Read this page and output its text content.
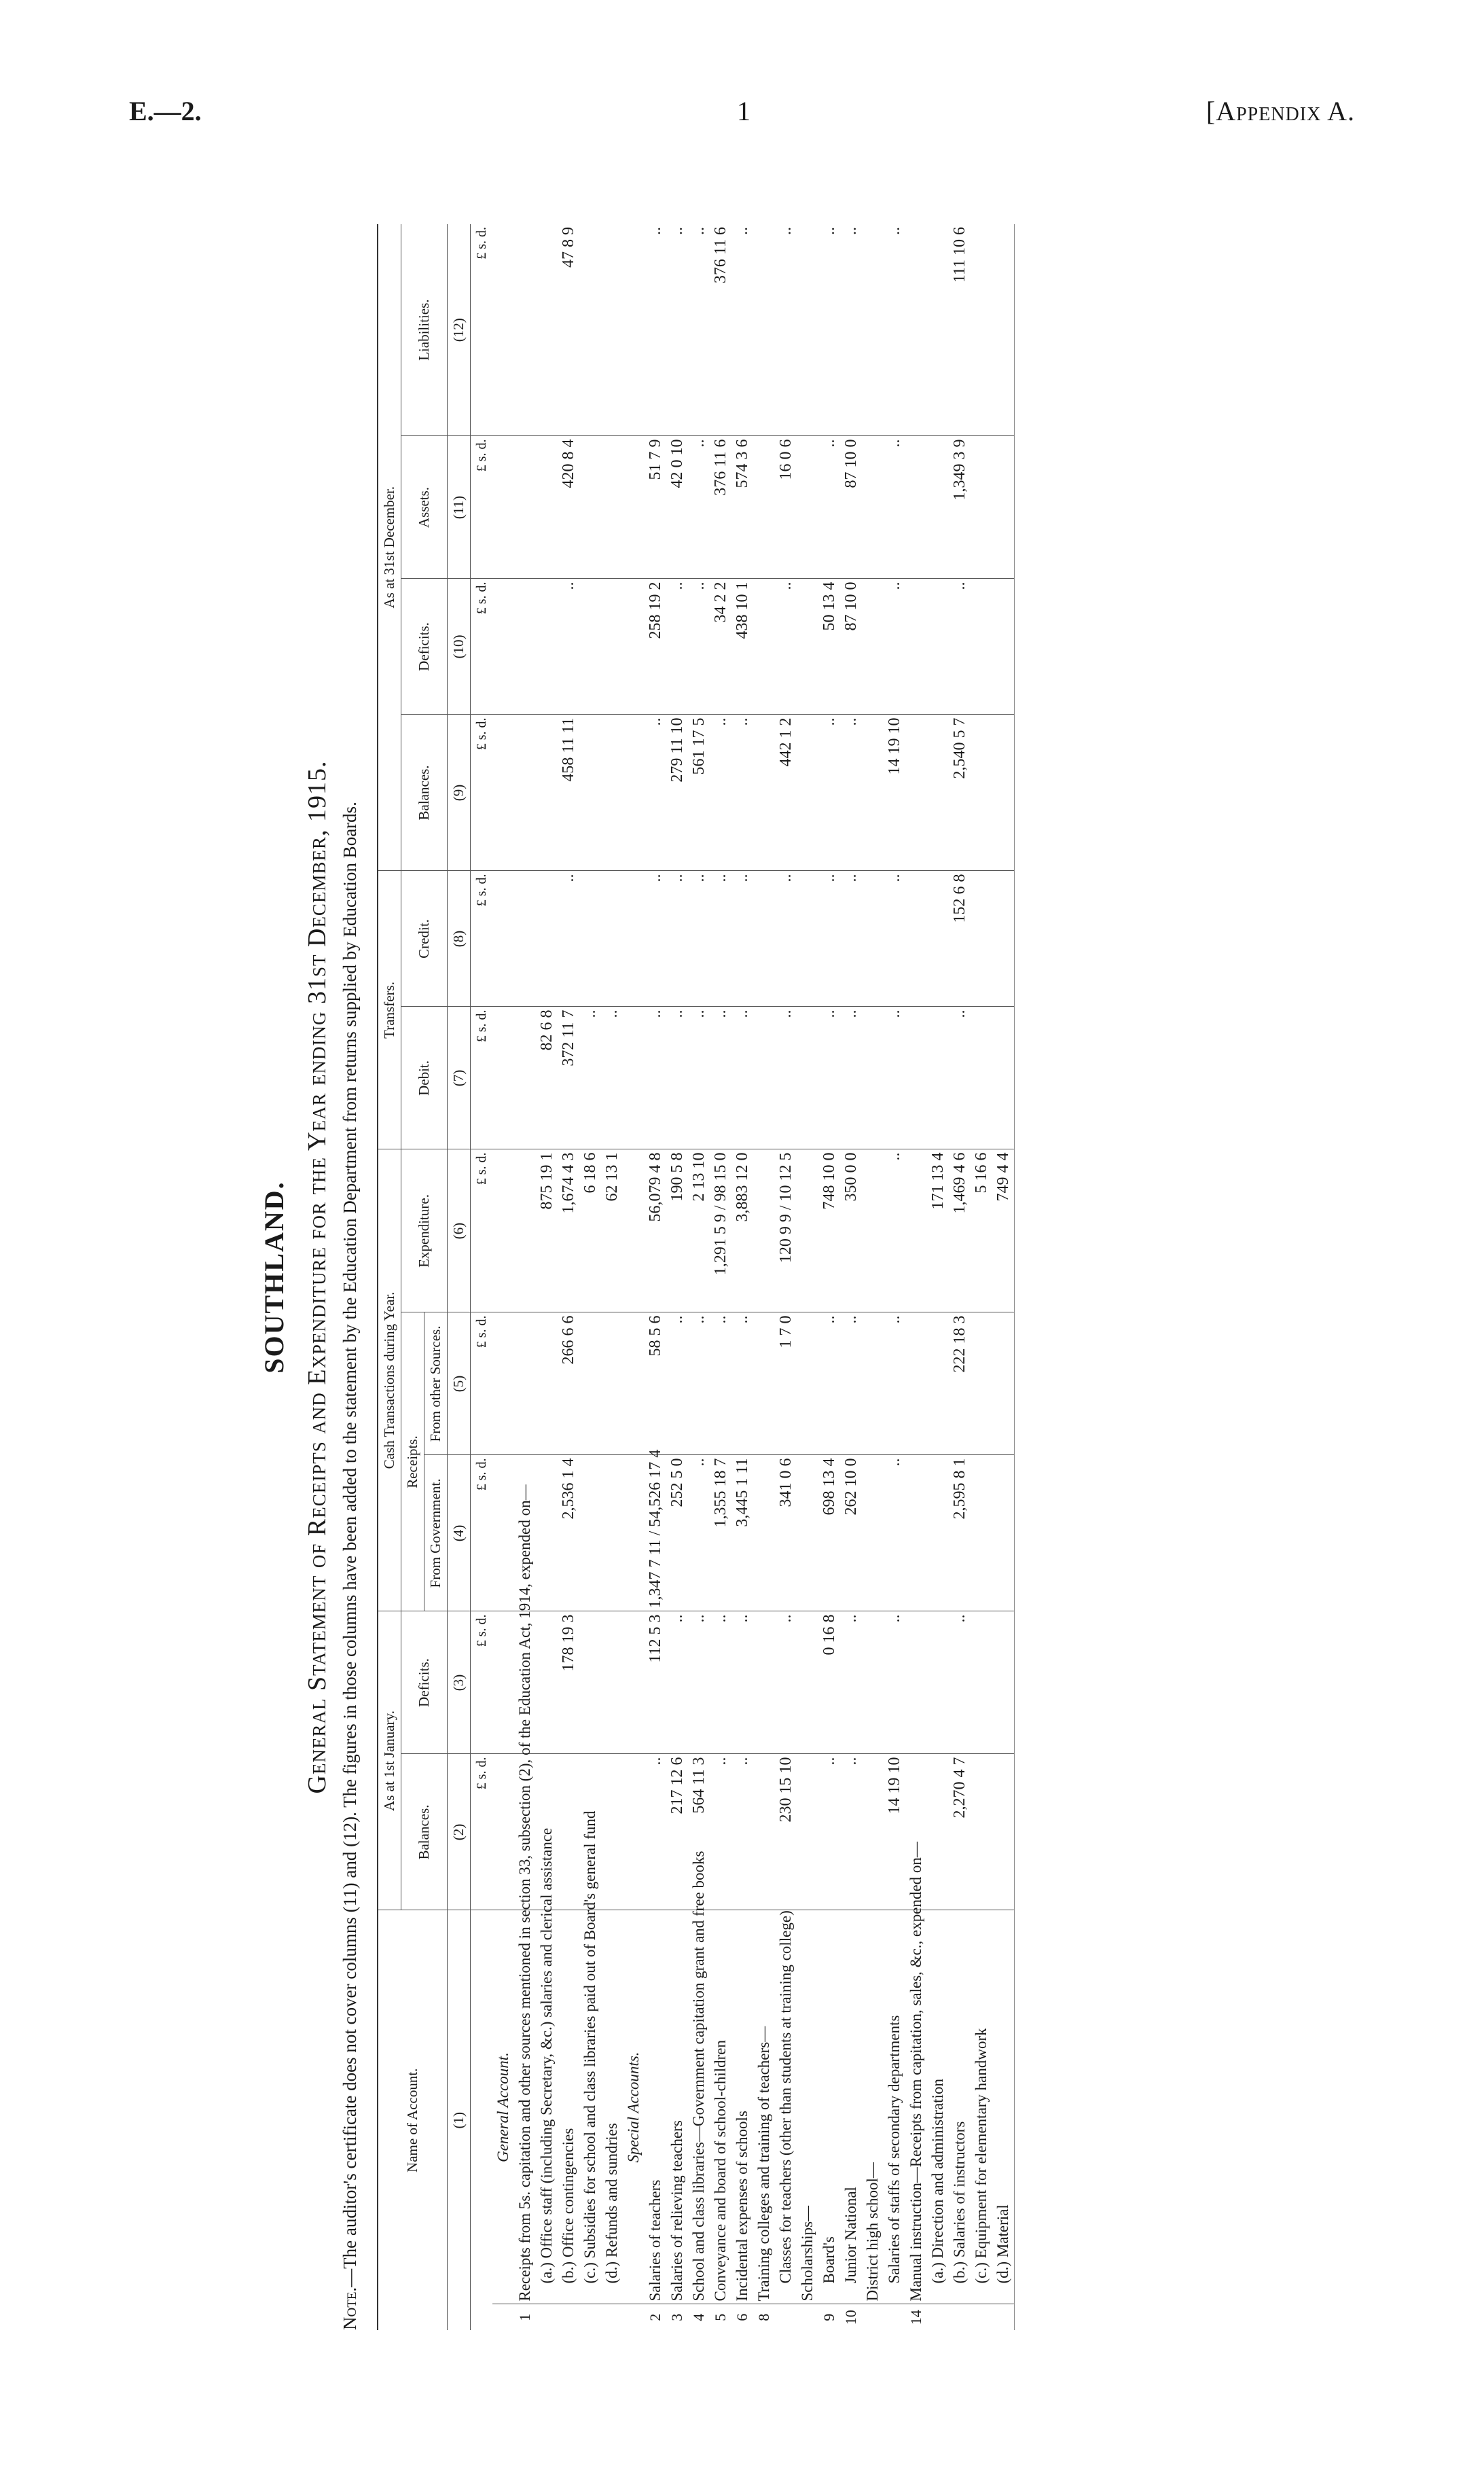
E.—2.	1	[Appendix A.
SOUTHLAND. General Statement of Receipts and Expenditure for the Year ending 31st December, 1915.
Note.—The auditor's certificate does not cover columns (11) and (12). The figures in those columns have been added to the statement by the Education Department from returns supplied by Education Boards.	Name of Account.		As at 1st January.		Cash Transactions during Year.			Transfers.		As at 31st December.			
		Balances.	Deficits.	Receipts.		Expenditure.	Debit.	Credit.	Balances.	Deficits.	Assets.	Liabilities.
				From Government.	From other Sources.							
(1)		(2)	(3)	(4)	(5)	(6)	(7)	(8)	(9)	(10)	(11)	(12)
		£ s. d.	£ s. d.	£ s. d.	£ s. d.	£ s. d.	£ s. d.	£ s. d.	£ s. d.	£ s. d.	£ s. d.	£ s. d.
	General Account.											
1	Receipts from 5s. capitation and other sources mentioned in section 33, subsection (2), of the Education Act, 1914, expended on—											
	(a.) Office staff (including Secretary, &c.) salaries and clerical assistance					875 19 1	82 6 8					
	(b.) Office contingencies		178 19 3	2,536 1 4	266 6 6	1,674 4 3	372 11 7	..	458 11 11	..	420 8 4	47 8 9
	(c.) Subsidies for school and class libraries paid out of Board's general fund					6 18 6	..					
	(d.) Refunds and sundries					62 13 1	..					
	Special Accounts.											
2	Salaries of teachers	..	112 5 3	1,347 7 11 / 54,526 17 4	58 5 6	56,079 4 8	..	..	..	258 19 2	51 7 9	..
3	Salaries of relieving teachers	217 12 6	..	252 5 0	..	190 5 8	..	..	279 11 10	..	42 0 10	..
4	School and class libraries—Government capitation grant and free books	564 11 3	..	..	..	2 13 10	..	..	561 17 5	..	..	..
5	Conveyance and board of school-children	..	..	1,355 18 7	..	1,291 5 9 / 98 15 0	..	..	..	34 2 2	376 11 6	376 11 6
6	Incidental expenses of schools	..	..	3,445 1 11	..	3,883 12 0	..	..	..	438 10 1	574 3 6	..
8	Training colleges and training of teachers—											
	Classes for teachers (other than students at training college)	230 15 10	..	341 0 6	1 7 0	120 9 9 / 10 12 5	..	..	442 1 2	..	16 0 6	..
	Scholarships—											
9	Board's	..	0 16 8	698 13 4	..	748 10 0	..	..	..	50 13 4	..	..
10	Junior National	..	..	262 10 0	..	350 0 0	..	..	..	87 10 0	87 10 0	..
	District high school—											
	Salaries of staffs of secondary departments	14 19 10	..	..	..	..	..	..	14 19 10	..	..	..
14	Manual instruction—Receipts from capitation, sales, &c., expended on—											
	(a.) Direction and administration					171 13 4						
	(b.) Salaries of instructors	2,270 4 7	..	2,595 8 1	222 18 3	1,469 4 6	..	152 6 8	2,540 5 7	..	1,349 3 9	111 10 6
	(c.) Equipment for elementary handwork					5 16 6						
	(d.) Material					749 4 4						
